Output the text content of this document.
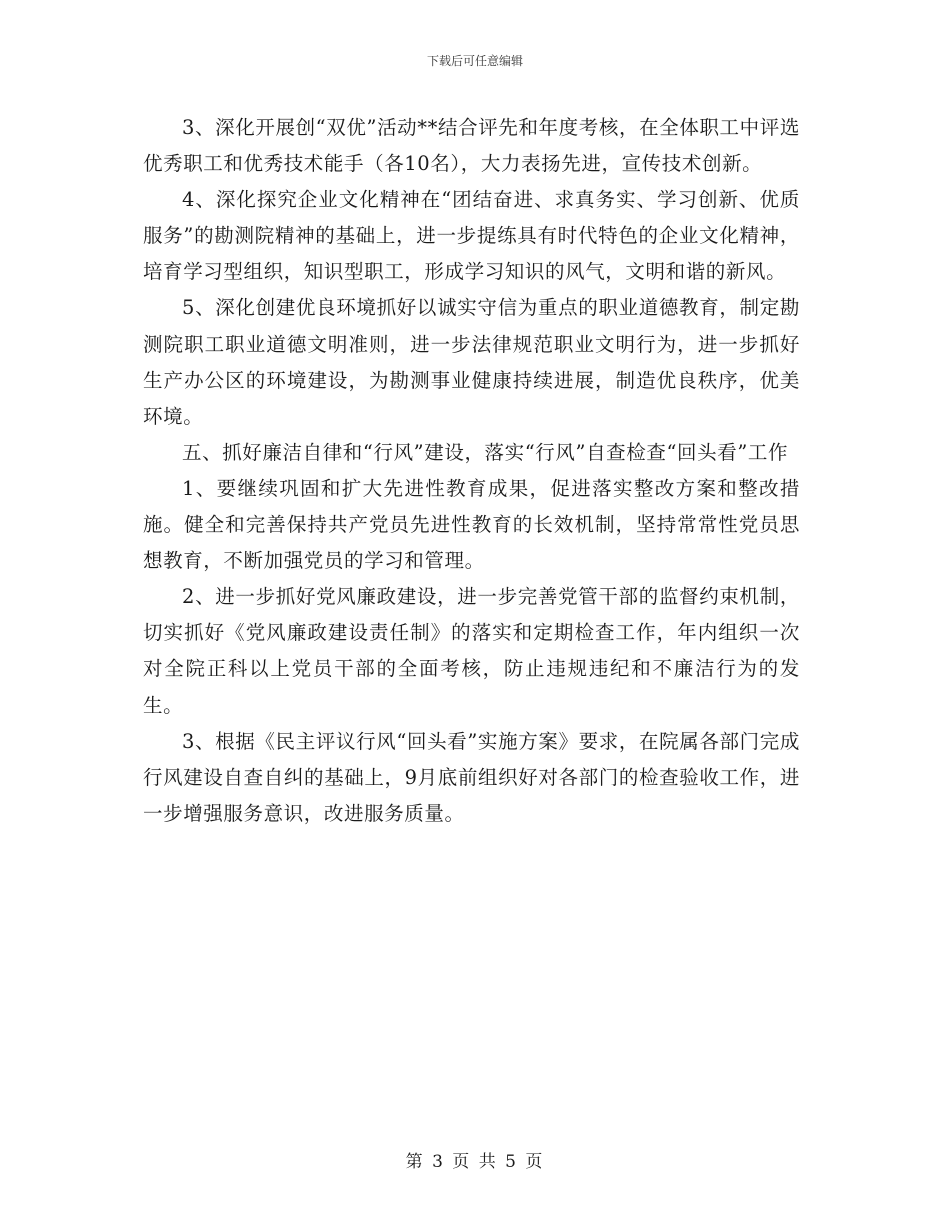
下载后可任意编辑

3、深化开展创“双优”活动**结合评先和年度考核，在全体职工中评选优秀职工和优秀技术能手（各10名），大力表扬先进，宣传技术创新。

4、深化探究企业文化精神在“团结奋进、求真务实、学习创新、优质服务”的勘测院精神的基础上，进一步提练具有时代特色的企业文化精神，培育学习型组织，知识型职工，形成学习知识的风气，文明和谐的新风。

5、深化创建优良环境抓好以诚实守信为重点的职业道德教育，制定勘测院职工职业道德文明准则，进一步法律规范职业文明行为，进一步抓好生产办公区的环境建设，为勘测事业健康持续进展，制造优良秩序，优美环境。

五、抓好廉洁自律和“行风”建设，落实“行风”自查检查“回头看”工作

1、要继续巩固和扩大先进性教育成果，促进落实整改方案和整改措施。健全和完善保持共产党员先进性教育的长效机制，坚持常常性党员思想教育，不断加强党员的学习和管理。

2、进一步抓好党风廉政建设，进一步完善党管干部的监督约束机制，切实抓好《党风廉政建设责任制》的落实和定期检查工作，年内组织一次对全院正科以上党员干部的全面考核，防止违规违纪和不廉洁行为的发生。

3、根据《民主评议行风“回头看”实施方案》要求，在院属各部门完成行风建设自查自纠的基础上，9月底前组织好对各部门的检查验收工作，进一步增强服务意识，改进服务质量。

第 3 页 共 5 页
